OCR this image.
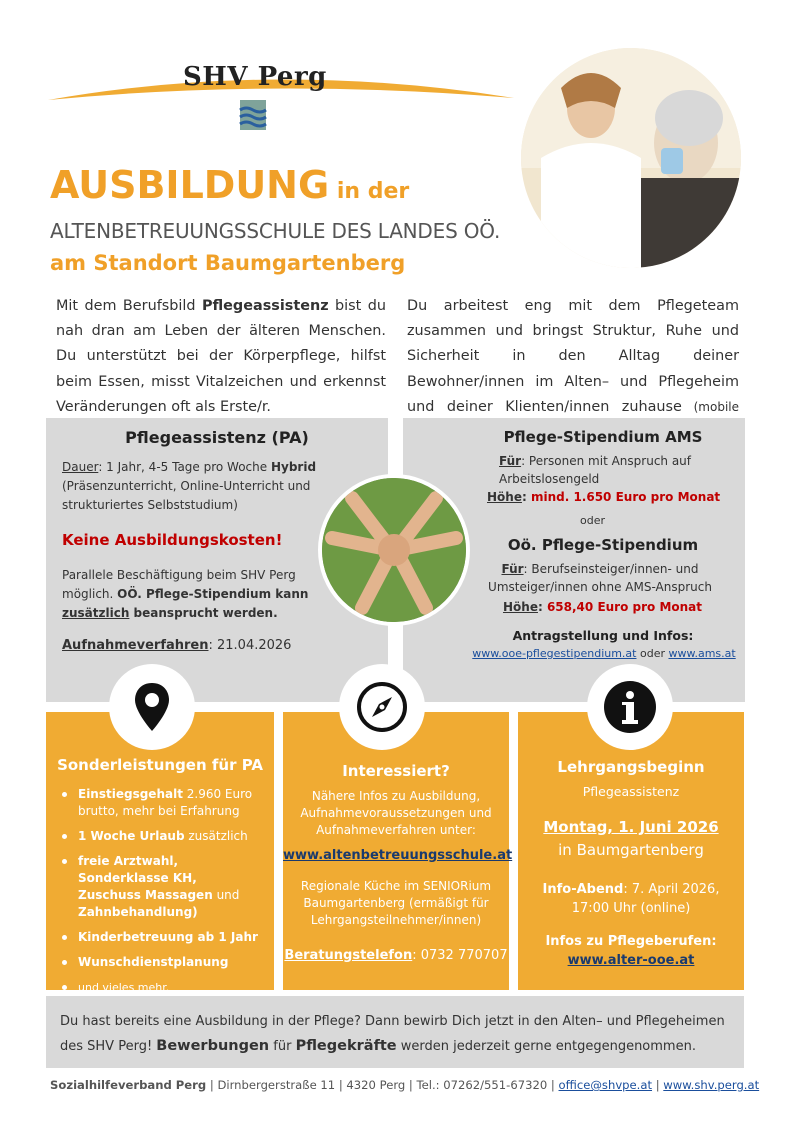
SHV Perg
AUSBILDUNG in der
ALTENBETREUUNGSSCHULE DES LANDES OÖ.
am Standort Baumgartenberg
Mit dem Berufsbild Pflegeassistenz bist du nah dran am Leben der älteren Menschen. Du unterstützt bei der Körperpflege, hilfst beim Essen, misst Vitalzeichen und erkennst Veränderungen oft als Erste/r.
Du arbeitest eng mit dem Pflegeteam zusammen und bringst Struktur, Ruhe und Sicherheit in den Alltag deiner Bewohner/innen im Alten– und Pflegeheim und deiner Klienten/innen zuhause (mobile
Pflegeassistenz (PA)
Dauer: 1 Jahr, 4-5 Tage pro Woche Hybrid
(Präsenzunterricht, Online-Unterricht und strukturiertes Selbststudium)
Keine Ausbildungskosten!
Parallele Beschäftigung beim SHV Perg möglich. OÖ. Pflege-Stipendium kann zusätzlich beansprucht werden.
Aufnahmeverfahren: 21.04.2026
Pflege-Stipendium AMS
Für: Personen mit Anspruch auf Arbeitslosengeld
Höhe: mind. 1.650 Euro pro Monat
oder
Oö. Pflege-Stipendium
Für: Berufseinsteiger/innen- und Umsteiger/innen ohne AMS-Anspruch
Höhe: 658,40 Euro pro Monat
Antragstellung und Infos:
www.ooe-pflegestipendium.at oder www.ams.at
Sonderleistungen für PA
Einstiegsgehalt 2.960 Euro brutto, mehr bei Erfahrung
1 Woche Urlaub zusätzlich
freie Arztwahl, Sonderklasse KH, Zuschuss Massagen und Zahnbehandlung)
Kinderbetreuung ab 1 Jahr
Wunschdienstplanung
und vieles mehr.
Interessiert?
Nähere Infos zu Ausbildung, Aufnahmevoraussetzungen und Aufnahmeverfahren unter:
www.altenbetreuungsschule.at
Regionale Küche im SENIORium Baumgartenberg (ermäßigt für Lehrgangsteilnehmer/innen)
Beratungstelefon: 0732 770707
Lehrgangsbeginn
Pflegeassistenz
Montag, 1. Juni 2026
in Baumgartenberg
Info-Abend: 7. April 2026, 17:00 Uhr (online)
Infos zu Pflegeberufen:
www.alter-ooe.at
Du hast bereits eine Ausbildung in der Pflege? Dann bewirb Dich jetzt in den Alten– und Pflegeheimen des SHV Perg! Bewerbungen für Pflegekräfte werden jederzeit gerne entgegengenommen.
Sozialhilfeverband Perg | Dirnbergerstraße 11 | 4320 Perg | Tel.: 07262/551-67320 | office@shvpe.at | www.shv.perg.at
